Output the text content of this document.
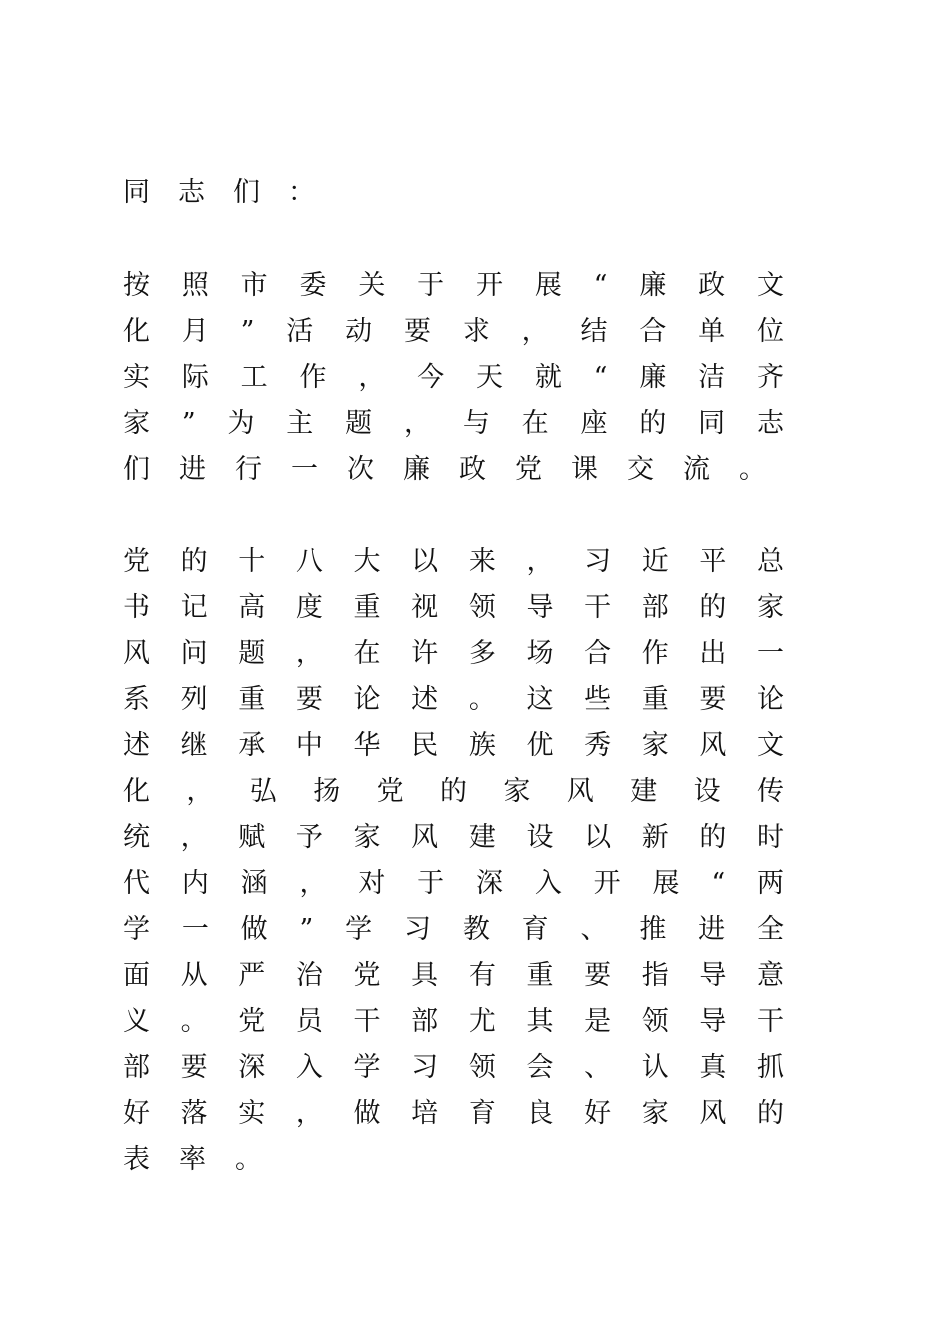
同志们：

按照市委关于开展“廉政文化月”活动要求，结合单位实际工作，今天就“廉洁齐家”为主题，与在座的同志们进行一次廉政党课交流。

党的十八大以来，习近平总书记高度重视领导干部的家风问题，在许多场合作出一系列重要论述。这些重要论述继承中华民族优秀家风文化，弘扬党的家风建设传统，赋予家风建设以新的时代内涵，对于深入开展“两学一做”学习教育、推进全面从严治党具有重要指导意义。党员干部尤其是领导干部要深入学习领会、认真抓好落实，做培育良好家风的表率。
